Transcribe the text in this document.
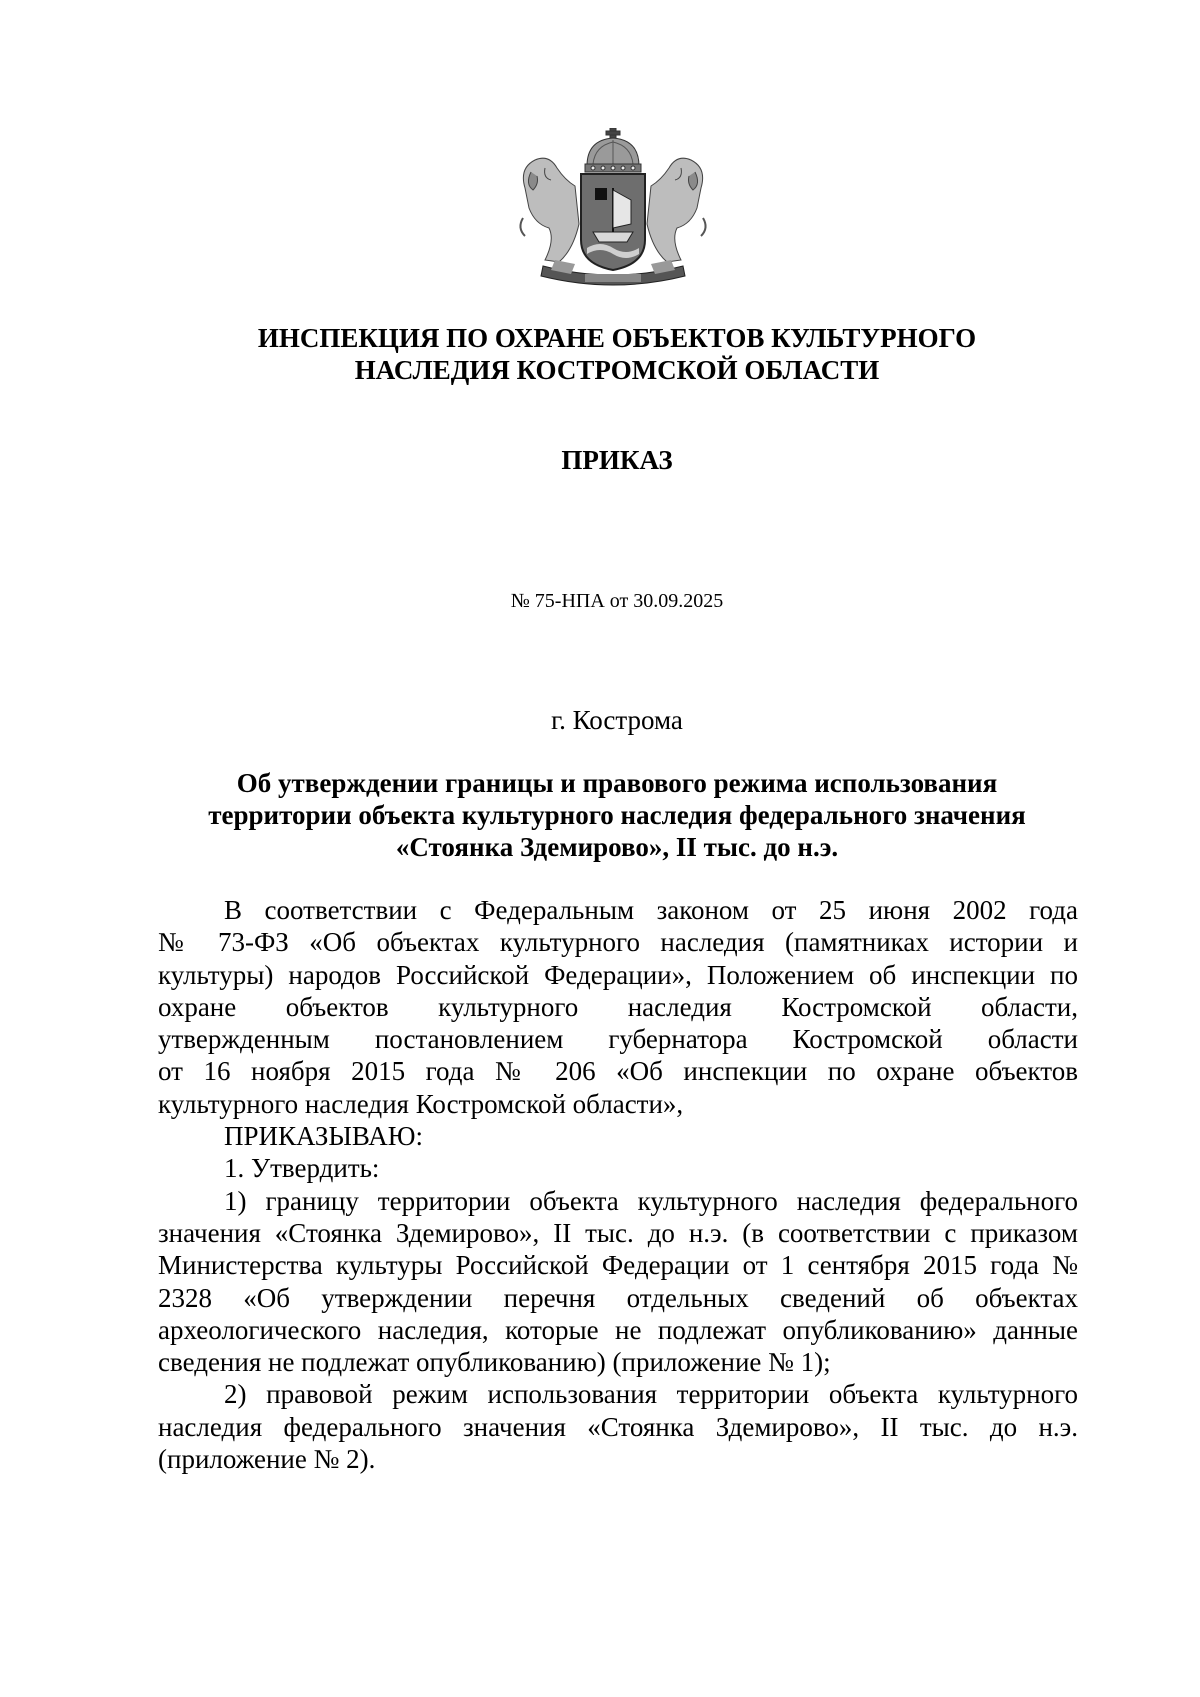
ИНСПЕКЦИЯ ПО ОХРАНЕ ОБЪЕКТОВ КУЛЬТУРНОГО
НАСЛЕДИЯ КОСТРОМСКОЙ ОБЛАСТИ
ПРИКАЗ
№ 75-НПА от 30.09.2025
г. Кострома
Об утверждении границы и правового режима использования
территории объекта культурного наследия федерального значения
«Стоянка Здемирово», II тыс. до н.э.
В соответствии с Федеральным законом от 25 июня 2002 года
№ 73-ФЗ «Об объектах культурного наследия (памятниках истории и
культуры) народов Российской Федерации», Положением об инспекции по
охране объектов культурного наследия Костромской области,
утвержденным постановлением губернатора Костромской области
от 16 ноября 2015 года № 206 «Об инспекции по охране объектов
культурного наследия Костромской области»,
ПРИКАЗЫВАЮ:
1. Утвердить:
1) границу территории объекта культурного наследия федерального
значения «Стоянка Здемирово», II тыс. до н.э. (в соответствии с приказом
Министерства культуры Российской Федерации от 1 сентября 2015 года №
2328 «Об утверждении перечня отдельных сведений об объектах
археологического наследия, которые не подлежат опубликованию» данные
сведения не подлежат опубликованию) (приложение № 1);
2) правовой режим использования территории объекта культурного
наследия федерального значения «Стоянка Здемирово», II тыс. до н.э.
(приложение № 2).
